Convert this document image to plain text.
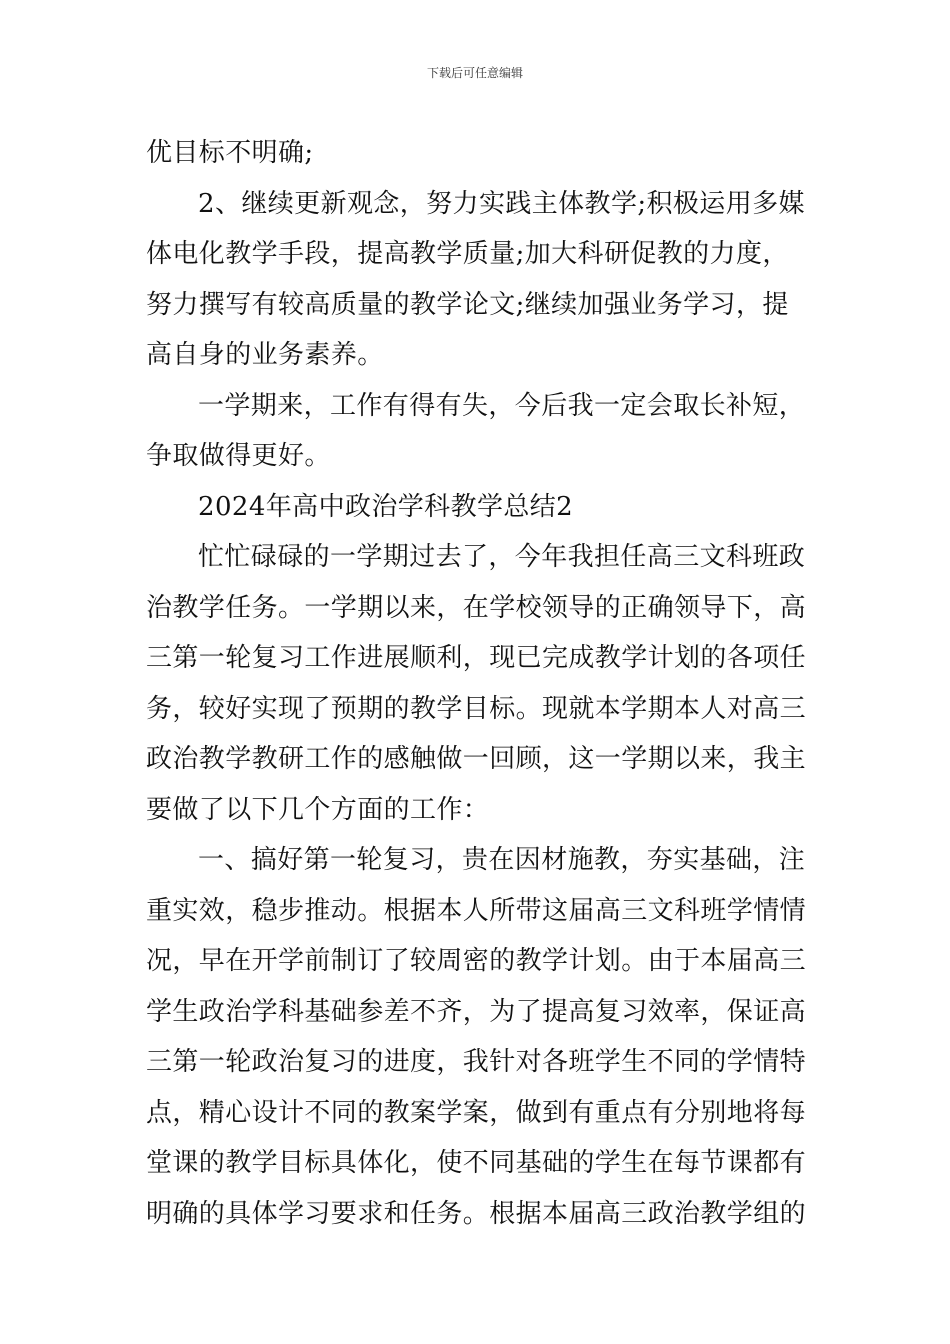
下载后可任意编辑

优目标不明确;

2、继续更新观念，努力实践主体教学;积极运用多媒体电化教学手段，提高教学质量;加大科研促教的力度，努力撰写有较高质量的教学论文;继续加强业务学习，提高自身的业务素养。

一学期来，工作有得有失，今后我一定会取长补短，争取做得更好。

2024年高中政治学科教学总结2

忙忙碌碌的一学期过去了，今年我担任高三文科班政治教学任务。一学期以来，在学校领导的正确领导下，高三第一轮复习工作进展顺利，现已完成教学计划的各项任务，较好实现了预期的教学目标。现就本学期本人对高三政治教学教研工作的感触做一回顾，这一学期以来，我主要做了以下几个方面的工作：

一、搞好第一轮复习，贵在因材施教，夯实基础，注重实效，稳步推动。根据本人所带这届高三文科班学情情况，早在开学前制订了较周密的教学计划。由于本届高三学生政治学科基础参差不齐，为了提高复习效率，保证高三第一轮政治复习的进度，我针对各班学生不同的学情特点，精心设计不同的教案学案，做到有重点有分别地将每堂课的教学目标具体化，使不同基础的学生在每节课都有明确的具体学习要求和任务。根据本届高三政治教学组的
